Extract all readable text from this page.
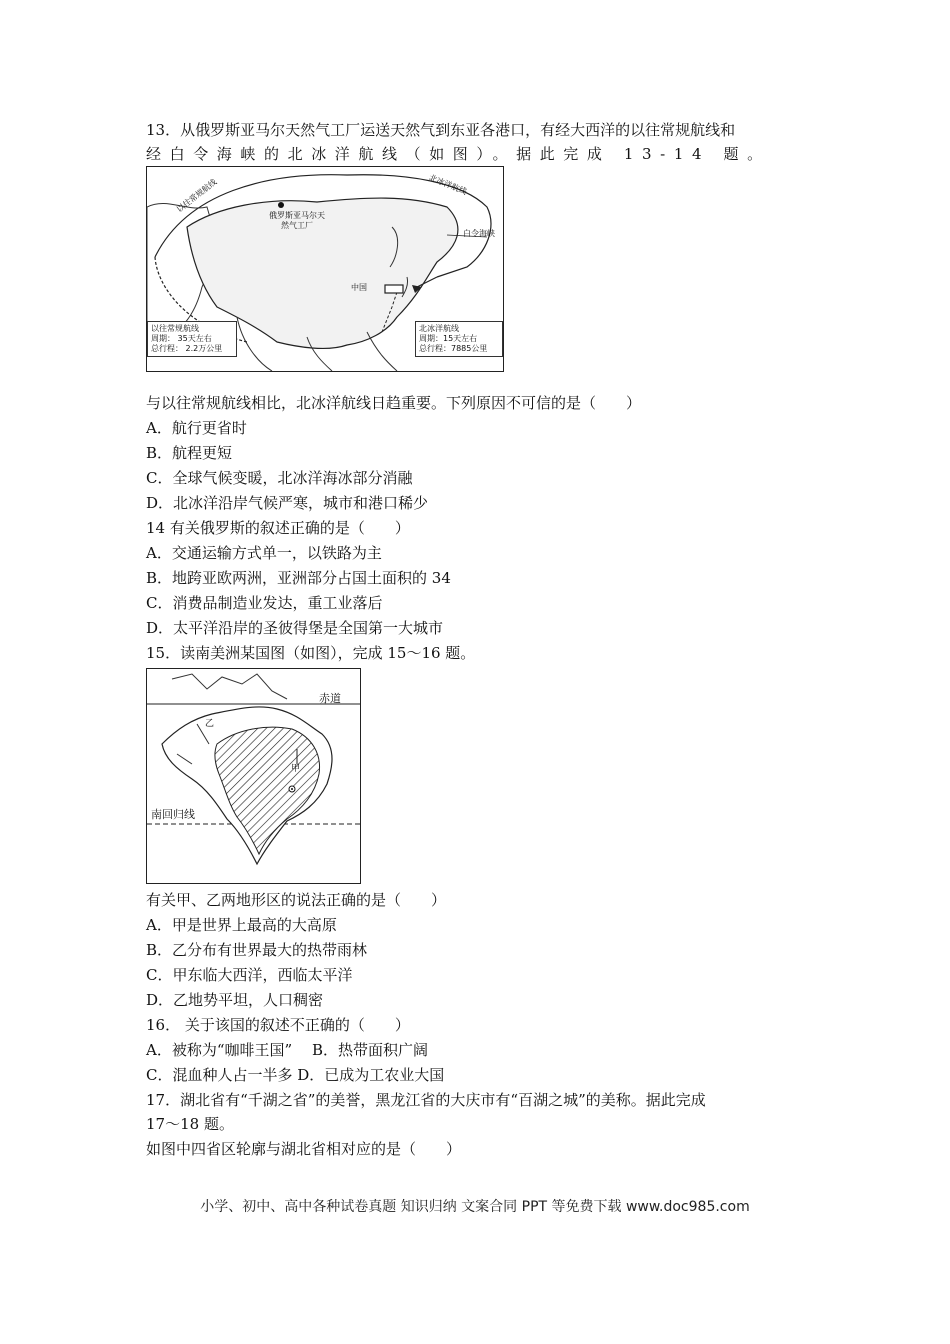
13．从俄罗斯亚马尔天然气工厂运送天然气到东亚各港口，有经大西洋的以往常规航线和
经白令海峡的北冰洋航线（如图）。据此完成 13-14 题。
以往常规航线	北冰洋航线
俄罗斯亚马尔天然气工厂
白令海峡
中国
以往常规航线
周期： 35天左右
总行程： 2.2万公里
北冰洋航线
周期：15天左右
总行程：7885公里
与以往常规航线相比，北冰洋航线日趋重要。下列原因不可信的是（　　）
A．航行更省时
B．航程更短
C．全球气候变暖，北冰洋海冰部分消融
D．北冰洋沿岸气候严寒，城市和港口稀少
14 有关俄罗斯的叙述正确的是（　　）
A．交通运输方式单一，以铁路为主
B．地跨亚欧两洲，亚洲部分占国土面积的 34
C．消费品制造业发达，重工业落后
D．太平洋沿岸的圣彼得堡是全国第一大城市
15．读南美洲某国图（如图），完成 15～16 题。
赤道
南回归线
甲
乙
有关甲、乙两地形区的说法正确的是（　　）
A．甲是世界上最高的大高原
B．乙分布有世界最大的热带雨林
C．甲东临大西洋，西临太平洋
D．乙地势平坦，人口稠密
16． 关于该国的叙述不正确的（　　）
A．被称为“咖啡王国”　 B．热带面积广阔
C．混血种人占一半多 D．已成为工农业大国
17．湖北省有“千湖之省”的美誉，黑龙江省的大庆市有“百湖之城”的美称。据此完成
17～18 题。
如图中四省区轮廓与湖北省相对应的是（　　）
小学、初中、高中各种试卷真题 知识归纳 文案合同 PPT 等免费下载 www.doc985.com
